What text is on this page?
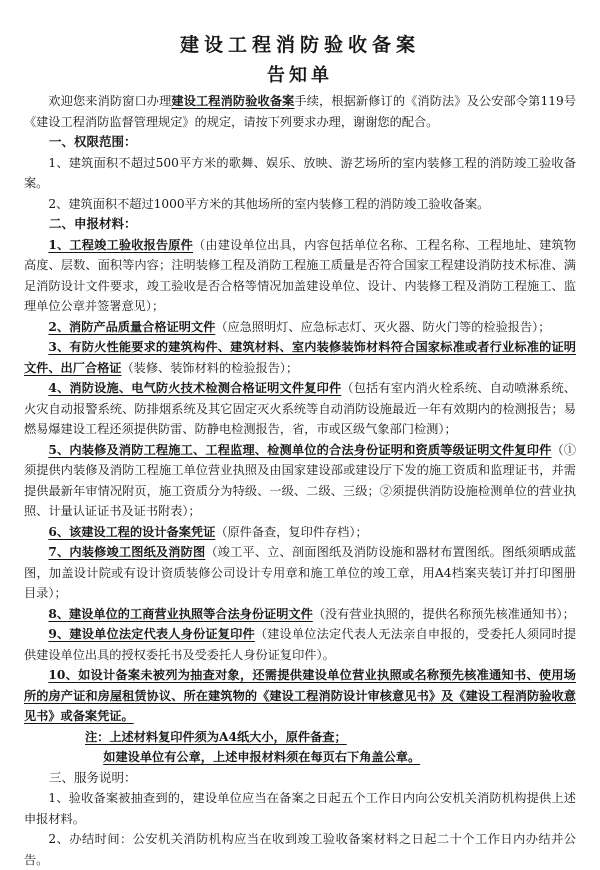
建设工程消防验收备案
告知单

欢迎您来消防窗口办理建设工程消防验收备案手续，根据新修订的《消防法》及公安部令第119号《建设工程消防监督管理规定》的规定，请按下列要求办理，谢谢您的配合。

一、权限范围：

1、建筑面积不超过500平方米的歌舞、娱乐、放映、游艺场所的室内装修工程的消防竣工验收备案。

2、建筑面积不超过1000平方米的其他场所的室内装修工程的消防竣工验收备案。

二、申报材料：

1、工程竣工验收报告原件（由建设单位出具，内容包括单位名称、工程名称、工程地址、建筑物高度、层数、面积等内容；注明装修工程及消防工程施工质量是否符合国家工程建设消防技术标准、满足消防设计文件要求，竣工验收是否合格等情况加盖建设单位、设计、内装修工程及消防工程施工、监理单位公章并签署意见）；

2、消防产品质量合格证明文件（应急照明灯、应急标志灯、灭火器、防火门等的检验报告）；

3、有防火性能要求的建筑构件、建筑材料、室内装修装饰材料符合国家标准或者行业标准的证明文件、出厂合格证（装修、装饰材料的检验报告）；

4、消防设施、电气防火技术检测合格证明文件复印件（包括有室内消火栓系统、自动喷淋系统、火灾自动报警系统、防排烟系统及其它固定灭火系统等自动消防设施最近一年有效期内的检测报告；易燃易爆建设工程还须提供防雷、防静电检测报告，省，市或区级气象部门检测）；

5、内装修及消防工程施工、工程监理、检测单位的合法身份证明和资质等级证明文件复印件（①须提供内装修及消防工程施工单位营业执照及由国家建设部或建设厅下发的施工资质和监理证书，并需提供最新年审情况附页，施工资质分为特级、一级、二级、三级；②须提供消防设施检测单位的营业执照、计量认证证书及证书附表）；

6、该建设工程的设计备案凭证（原件备查，复印件存档）；

7、内装修竣工图纸及消防图（竣工平、立、剖面图纸及消防设施和器材布置图纸。图纸须晒成蓝图，加盖设计院或有设计资质装修公司设计专用章和施工单位的竣工章，用A4档案夹装订并打印图册目录）；

8、建设单位的工商营业执照等合法身份证明文件（没有营业执照的，提供名称预先核准通知书）；

9、建设单位法定代表人身份证复印件（建设单位法定代表人无法亲自申报的，受委托人须同时提供建设单位出具的授权委托书及受委托人身份证复印件）。

10、如设计备案未被列为抽查对象，还需提供建设单位营业执照或名称预先核准通知书、使用场所的房产证和房屋租赁协议、所在建筑物的《建设工程消防设计审核意见书》及《建设工程消防验收意见书》或备案凭证。

注：上述材料复印件须为A4纸大小，原件备查；

如建设单位有公章，上述申报材料须在每页右下角盖公章。

三、服务说明：

1、验收备案被抽查到的，建设单位应当在备案之日起五个工作日内向公安机关消防机构提供上述申报材料。

2、办结时间：公安机关消防机构应当在收到竣工验收备案材料之日起二十个工作日内办结并公告。
